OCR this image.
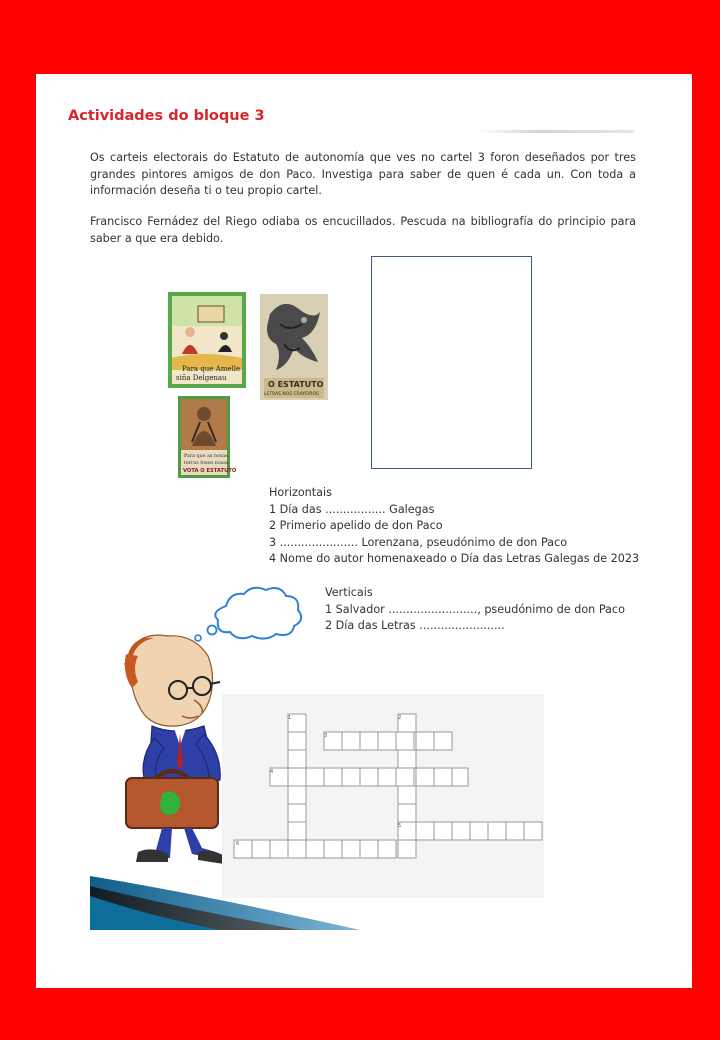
Actividades do bloque 3

Os carteis electorais do Estatuto de autonomía que ves no cartel 3 foron deseñados por tres grandes pintores amigos de don Paco. Investiga para saber de quen é cada un. Con toda a información deseña ti o teu propio cartel.

Francisco Fernádez del Riego odiaba os encucillados. Pescuda na bibliografía do principio para saber a que era debido.

Para que Amelle
siña Delgenau
O ESTATUTO
LETRAS NOS CRAYEIROS
Para que as nosas
terras fosen nosas
VOTA O ESTATUTO
Horizontais
1 Día das ................. Galegas
2 Primerio apelido de don Paco
3 ...................... Lorenzana, pseudónimo de don Paco
4 Nome do autor homenaxeado o Día das Letras Galegas de 2023
Verticais
1 Salvador ........................., pseudónimo de don Paco
2 Día das Letras ........................
1	2
3
4
5
6
